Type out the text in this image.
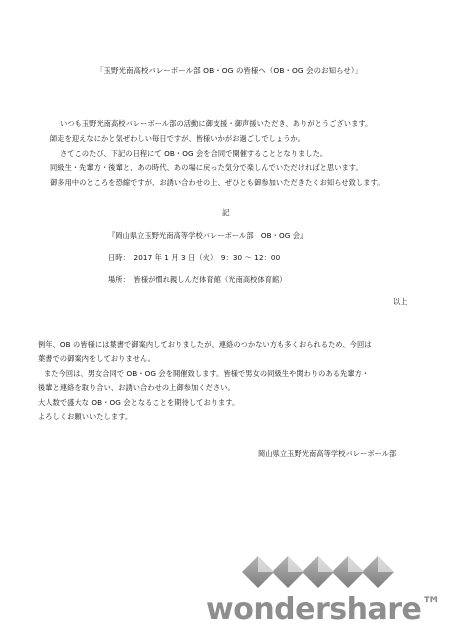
「玉野光南高校バレーボール部 OB・OG の皆様へ（OB・OG 会のお知らせ）」
いつも玉野光南高校バレーボール部の活動に御支援・御声援いただき、ありがとうございます。
師走を迎えなにかと気ぜわしい毎日ですが、皆様いかがお過ごしでしょうか。
さてこのたび、下記の日程にて OB・OG 会を合同で開催することとなりました。
同級生・先輩方・後輩と、あの時代、あの場に戻った気分で楽しんでいただければと思います。
御多用中のところを恐縮ですが、お誘い合わせの上、ぜひとも御参加いただきたくお知らせ致します。
記
『岡山県立玉野光南高等学校バレーボール部　OB・OG 会』
日時：　2017 年 1 月 3 日（火）　9：30 ～ 12：00
場所：　皆様が慣れ親しんだ体育館（光南高校体育館）
以上
例年、OB の皆様には葉書で御案内しておりましたが、連絡のつかない方も多くおられるため、今回は
葉書での御案内をしておりません。
また今回は、男女合同で OB・OG 会を開催致します。皆様で男女の同級生や関わりのある先輩方・
後輩と連絡を取り合い、お誘い合わせの上御参加ください。
大人数で盛大な OB・OG 会となることを期待しております。
よろしくお願いいたします。
岡山県立玉野光南高等学校バレーボール部
wondershare™
